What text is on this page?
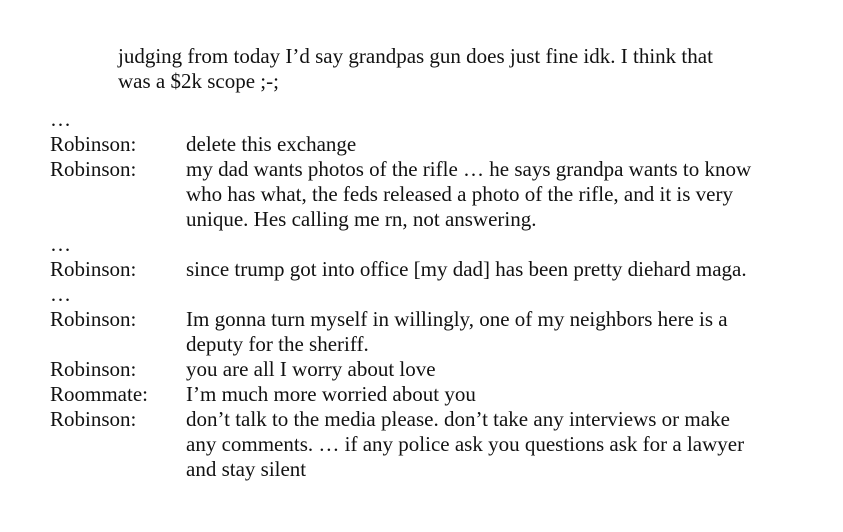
judging from today I’d say grandpas gun does just fine idk. I think that
was a $2k scope ;-;
…
Robinson:	delete this exchange
Robinson:	my dad wants photos of the rifle … he says grandpa wants to know
who has what, the feds released a photo of the rifle, and it is very
unique. Hes calling me rn, not answering.
…
Robinson:	since trump got into office [my dad] has been pretty diehard maga.
…
Robinson:	Im gonna turn myself in willingly, one of my neighbors here is a
deputy for the sheriff.
Robinson:	you are all I worry about love
Roommate:	I’m much more worried about you
Robinson:	don’t talk to the media please. don’t take any interviews or make
any comments. … if any police ask you questions ask for a lawyer
and stay silent
